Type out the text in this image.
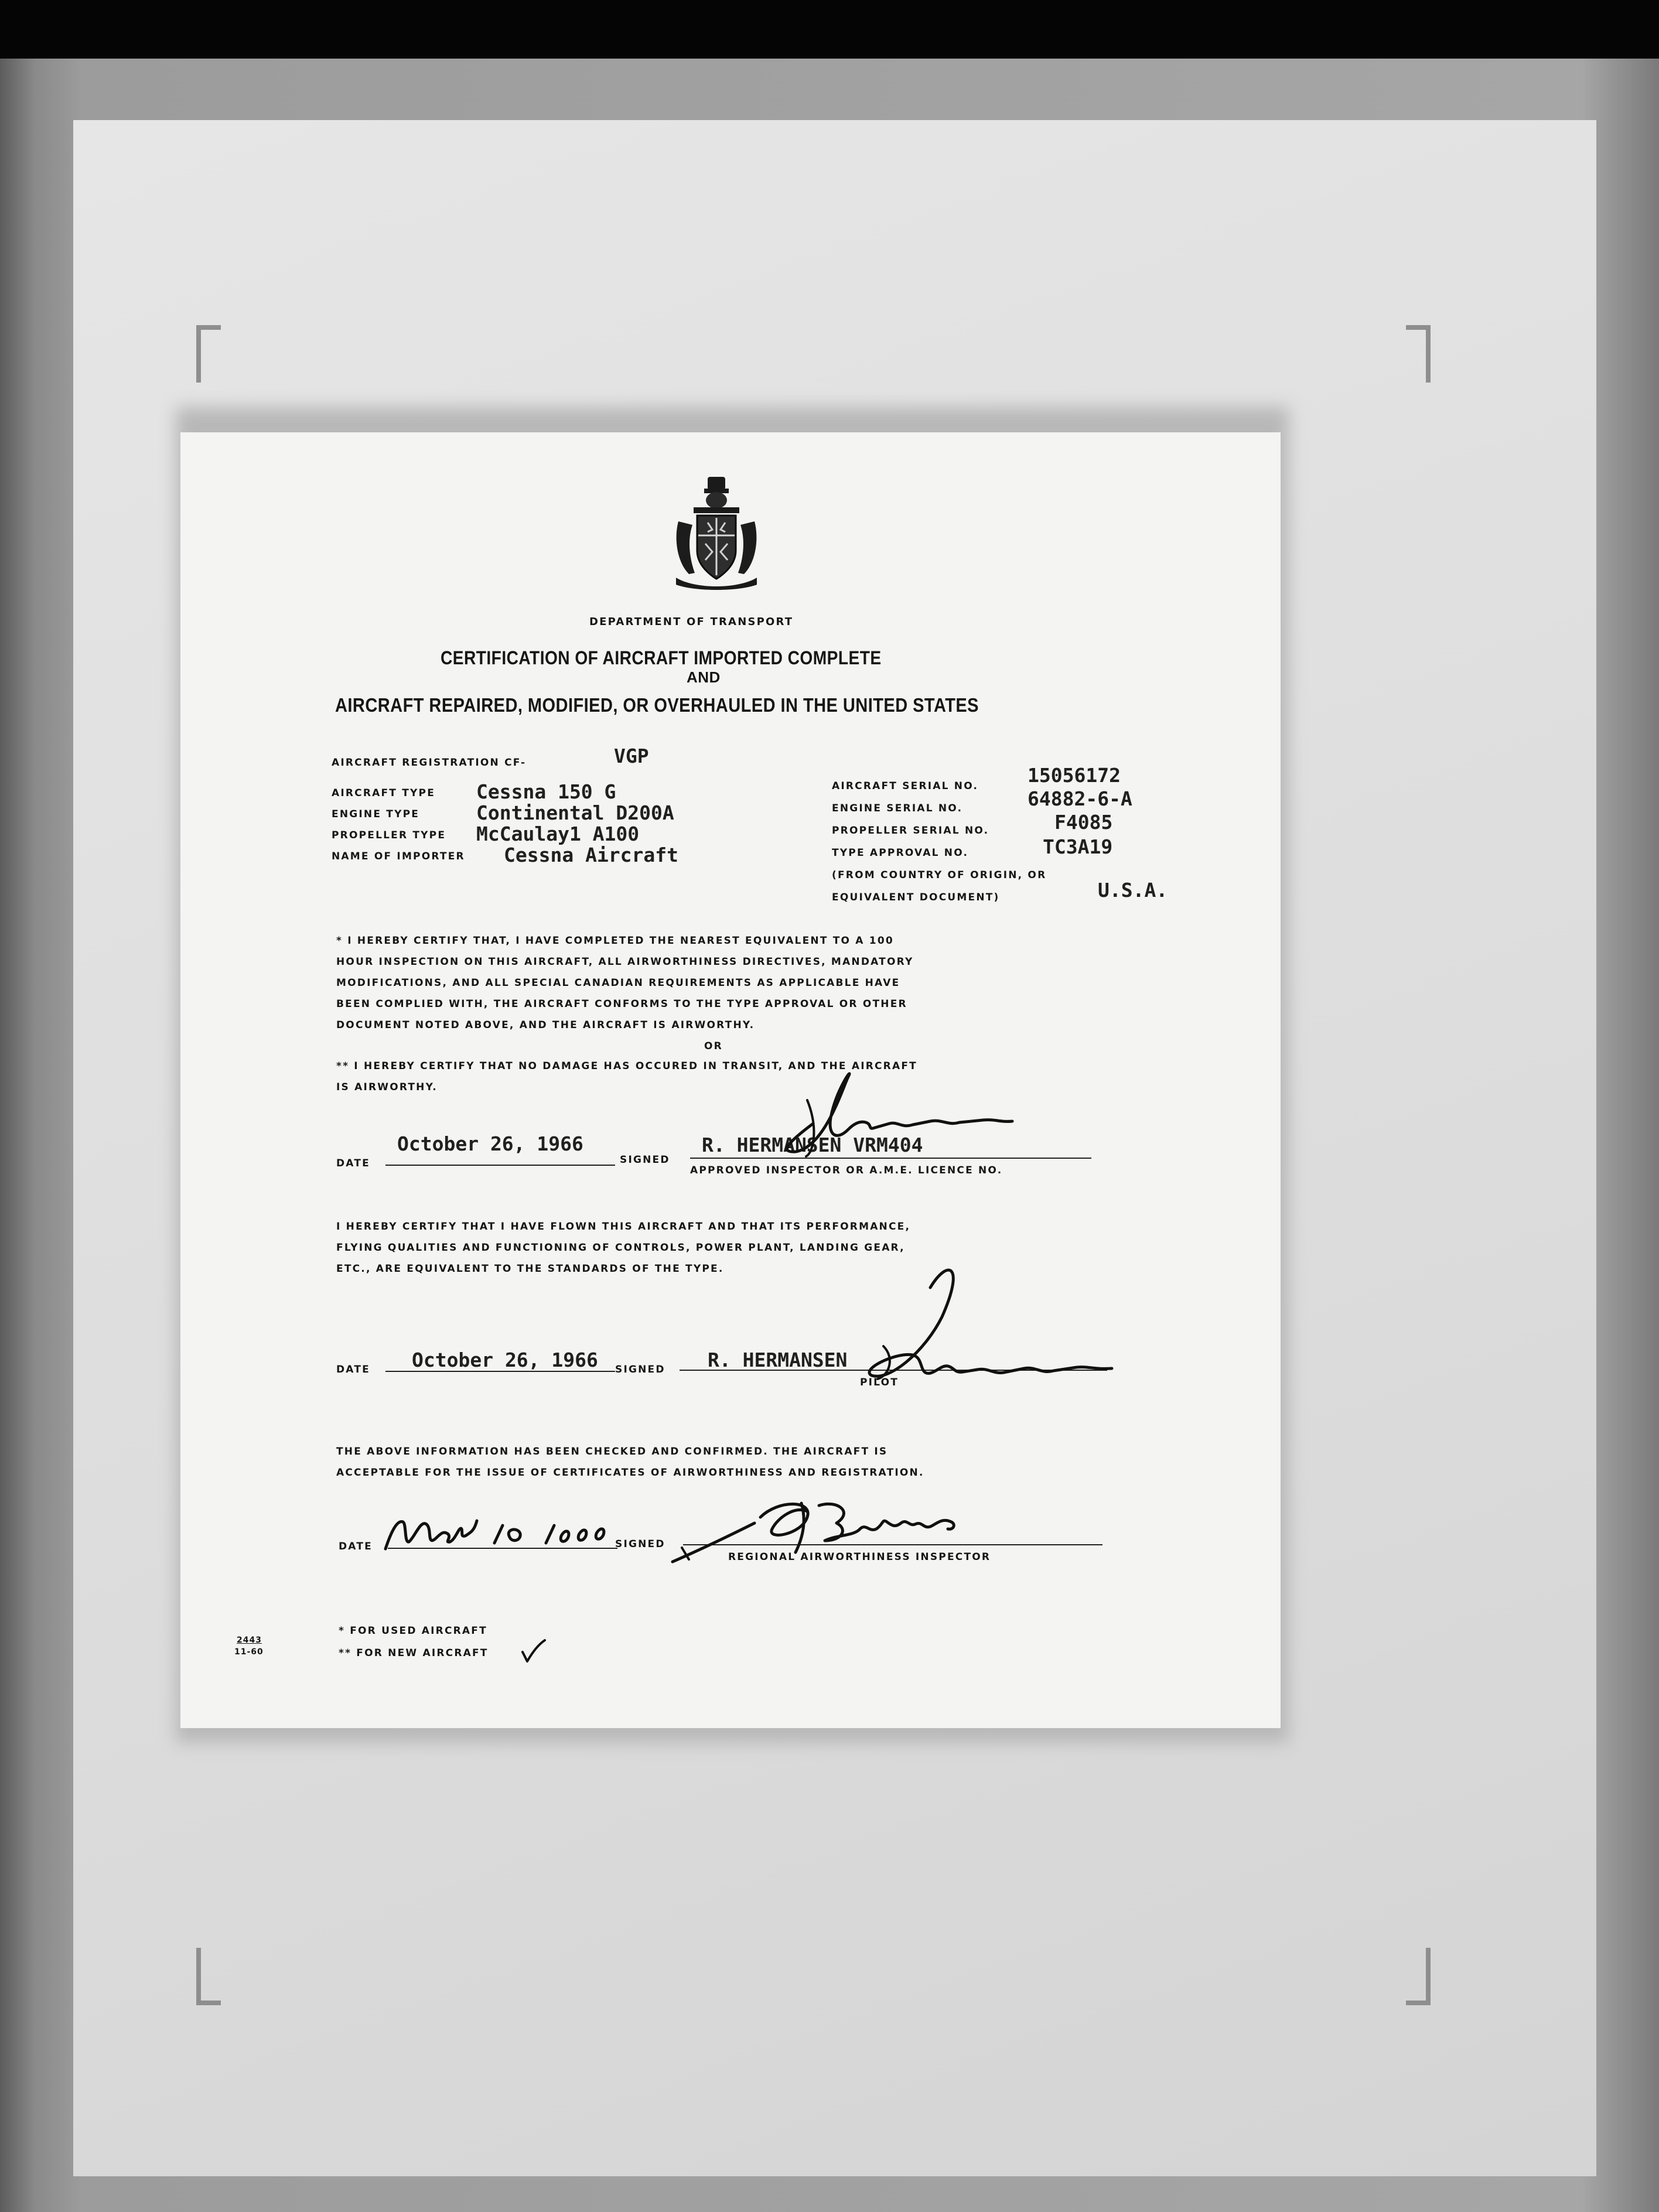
DEPARTMENT OF TRANSPORT
CERTIFICATION OF AIRCRAFT IMPORTED COMPLETE
AND
AIRCRAFT REPAIRED, MODIFIED, OR OVERHAULED IN THE UNITED STATES
AIRCRAFT REGISTRATION CF-	VGP
AIRCRAFT TYPE Cessna 150 G
ENGINE TYPE	Continental D200A
PROPELLER TYPE McCaulay1 A100
NAME OF IMPORTER Cessna Aircraft
AIRCRAFT SERIAL NO.	15056172
ENGINE SERIAL NO.	64882-6-A
PROPELLER SERIAL NO.	F4085
TYPE APPROVAL NO.	TC3A19
(FROM COUNTRY OF ORIGIN, OR
EQUIVALENT DOCUMENT)	U.S.A.
* I HEREBY CERTIFY THAT, I HAVE COMPLETED THE NEAREST EQUIVALENT TO A 100
HOUR INSPECTION ON THIS AIRCRAFT, ALL AIRWORTHINESS DIRECTIVES, MANDATORY
MODIFICATIONS, AND ALL SPECIAL CANADIAN REQUIREMENTS AS APPLICABLE HAVE
BEEN COMPLIED WITH, THE AIRCRAFT CONFORMS TO THE TYPE APPROVAL OR OTHER
DOCUMENT NOTED ABOVE, AND THE AIRCRAFT IS AIRWORTHY.
OR
** I HEREBY CERTIFY THAT NO DAMAGE HAS OCCURED IN TRANSIT, AND THE AIRCRAFT
IS AIRWORTHY.
DATE
October 26, 1966
SIGNED
R. HERMANSEN VRM404
APPROVED INSPECTOR OR A.M.E. LICENCE NO.
I HEREBY CERTIFY THAT I HAVE FLOWN THIS AIRCRAFT AND THAT ITS PERFORMANCE,
FLYING QUALITIES AND FUNCTIONING OF CONTROLS, POWER PLANT, LANDING GEAR,
ETC., ARE EQUIVALENT TO THE STANDARDS OF THE TYPE.
DATE October 26, 1966 SIGNED R. HERMANSEN
PILOT
THE ABOVE INFORMATION HAS BEEN CHECKED AND CONFIRMED. THE AIRCRAFT IS
ACCEPTABLE FOR THE ISSUE OF CERTIFICATES OF AIRWORTHINESS AND REGISTRATION.
DATE	SIGNED
REGIONAL AIRWORTHINESS INSPECTOR
* FOR USED AIRCRAFT
** FOR NEW AIRCRAFT
2443
11-60
